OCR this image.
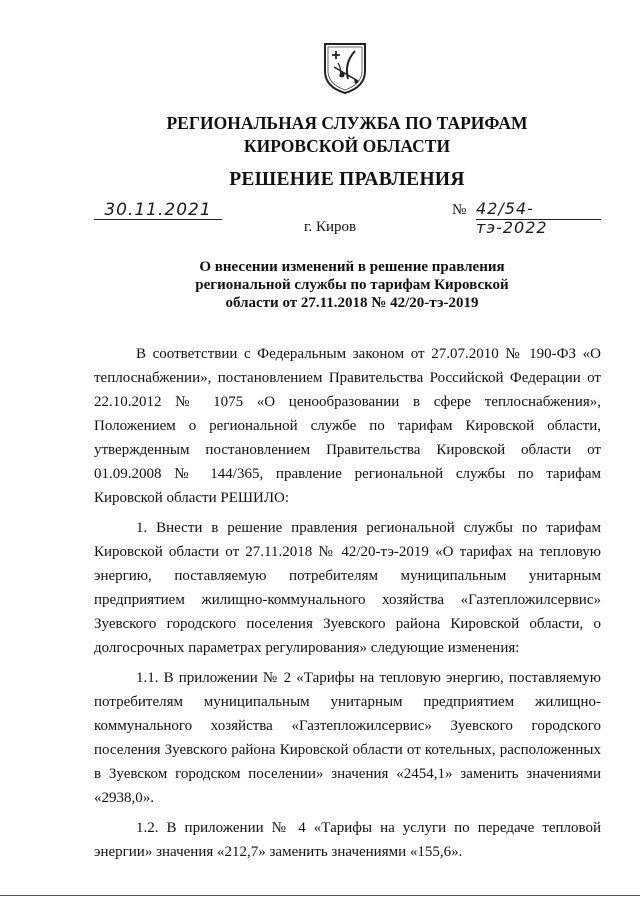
РЕГИОНАЛЬНАЯ СЛУЖБА ПО ТАРИФАМ
КИРОВСКОЙ ОБЛАСТИ
РЕШЕНИЕ ПРАВЛЕНИЯ
30.11.2021	№ 42/54-тэ-2022
г. Киров
О внесении изменений в решение правления региональной службы по тарифам Кировской области от 27.11.2018 № 42/20-тэ-2019

В соответствии с Федеральным законом от 27.07.2010 № 190-ФЗ «О теплоснабжении», постановлением Правительства Российской Федерации от 22.10.2012 № 1075 «О ценообразовании в сфере теплоснабжения», Положением о региональной службе по тарифам Кировской области, утвержденным постановлением Правительства Кировской области от 01.09.2008 № 144/365, правление региональной службы по тарифам Кировской области РЕШИЛО:

1. Внести в решение правления региональной службы по тарифам Кировской области от 27.11.2018 № 42/20-тэ-2019 «О тарифах на тепловую энергию, поставляемую потребителям муниципальным унитарным предприятием жилищно-коммунального хозяйства «Газтепложилсервис» Зуевского городского поселения Зуевского района Кировской области, о долгосрочных параметрах регулирования» следующие изменения:

1.1. В приложении № 2 «Тарифы на тепловую энергию, поставляемую потребителям муниципальным унитарным предприятием жилищно-коммунального хозяйства «Газтепложилсервис» Зуевского городского поселения Зуевского района Кировской области от котельных, расположенных в Зуевском городском поселении» значения «2454,1» заменить значениями «2938,0».

1.2. В приложении № 4 «Тарифы на услуги по передаче тепловой энергии» значения «212,7» заменить значениями «155,6».
